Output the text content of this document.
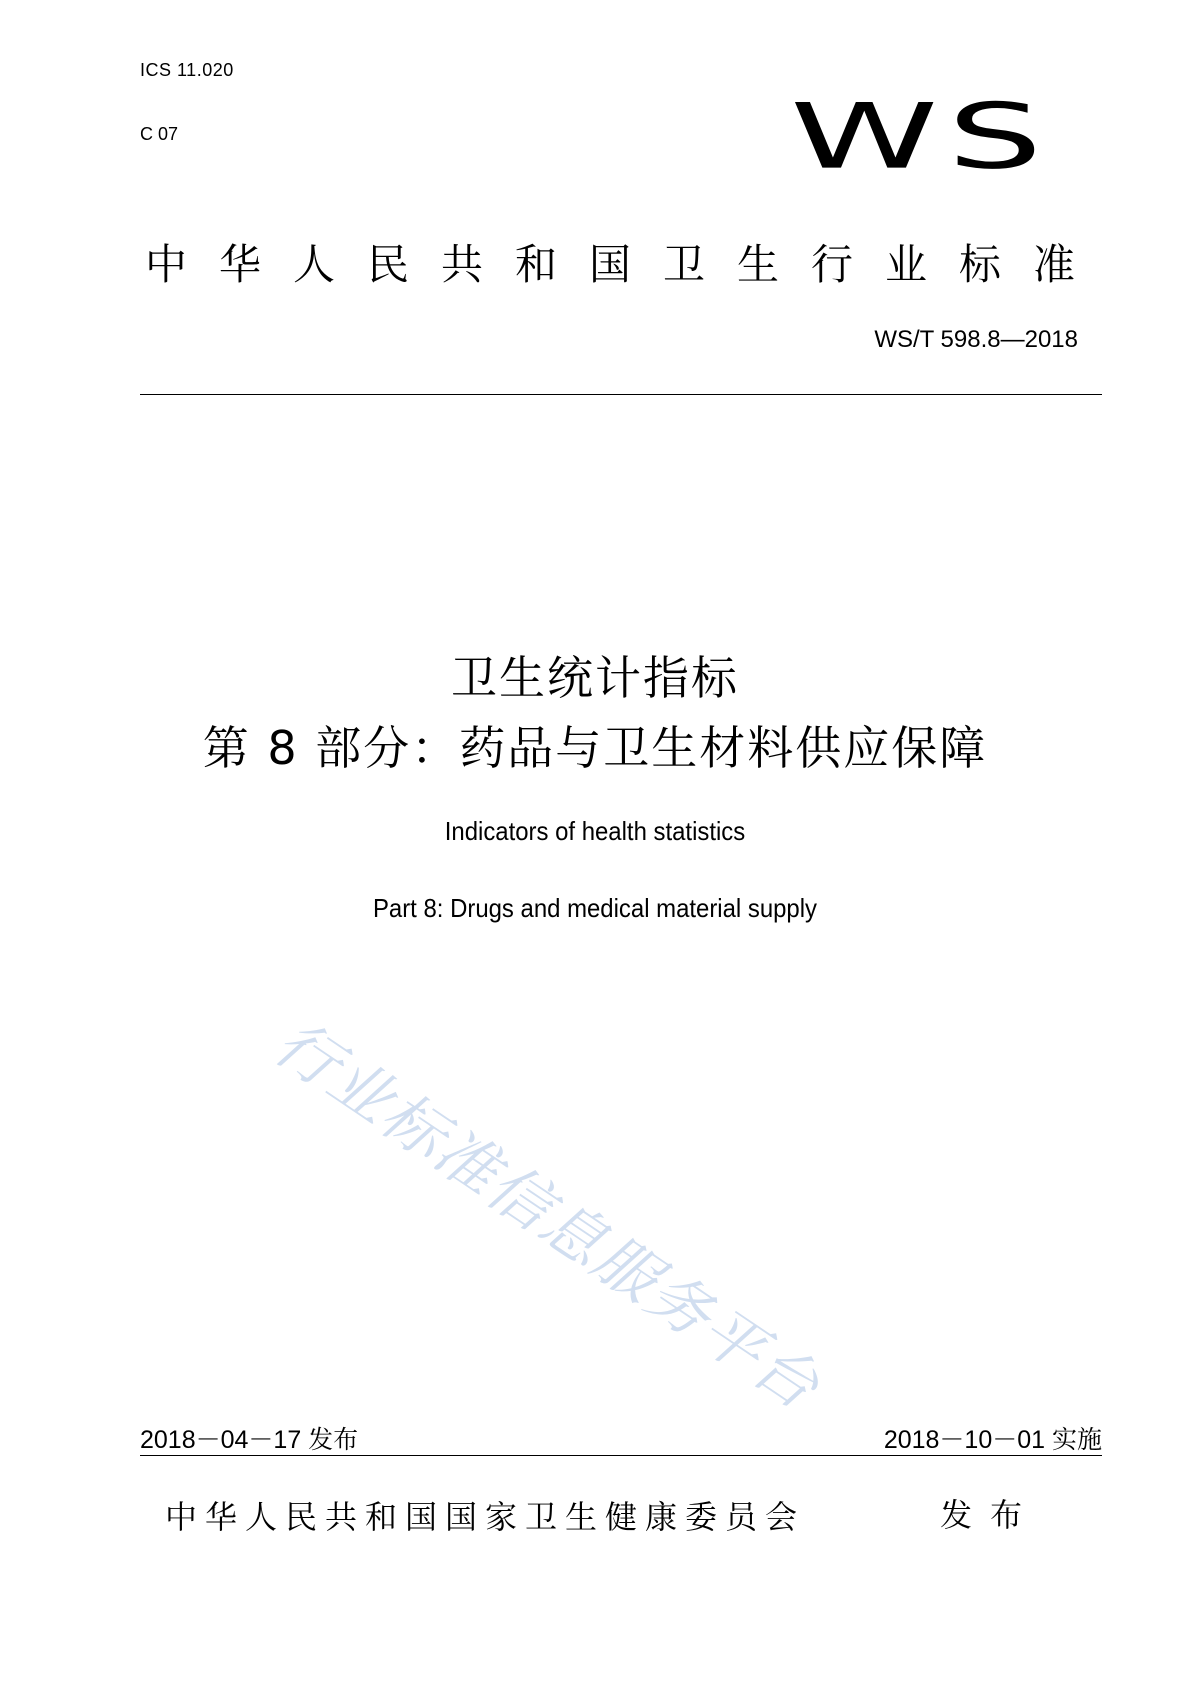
ICS 11.020
C 07	WS
中华人民共和国卫生行业标准
WS/T 598.8—2018
卫生统计指标
第 8 部分：药品与卫生材料供应保障
Indicators of health statistics
Part 8: Drugs and medical material supply
行业标准信息服务平台
2018－04－17 发布	2018－10－01 实施
中华人民共和国国家卫生健康委员会	发布
